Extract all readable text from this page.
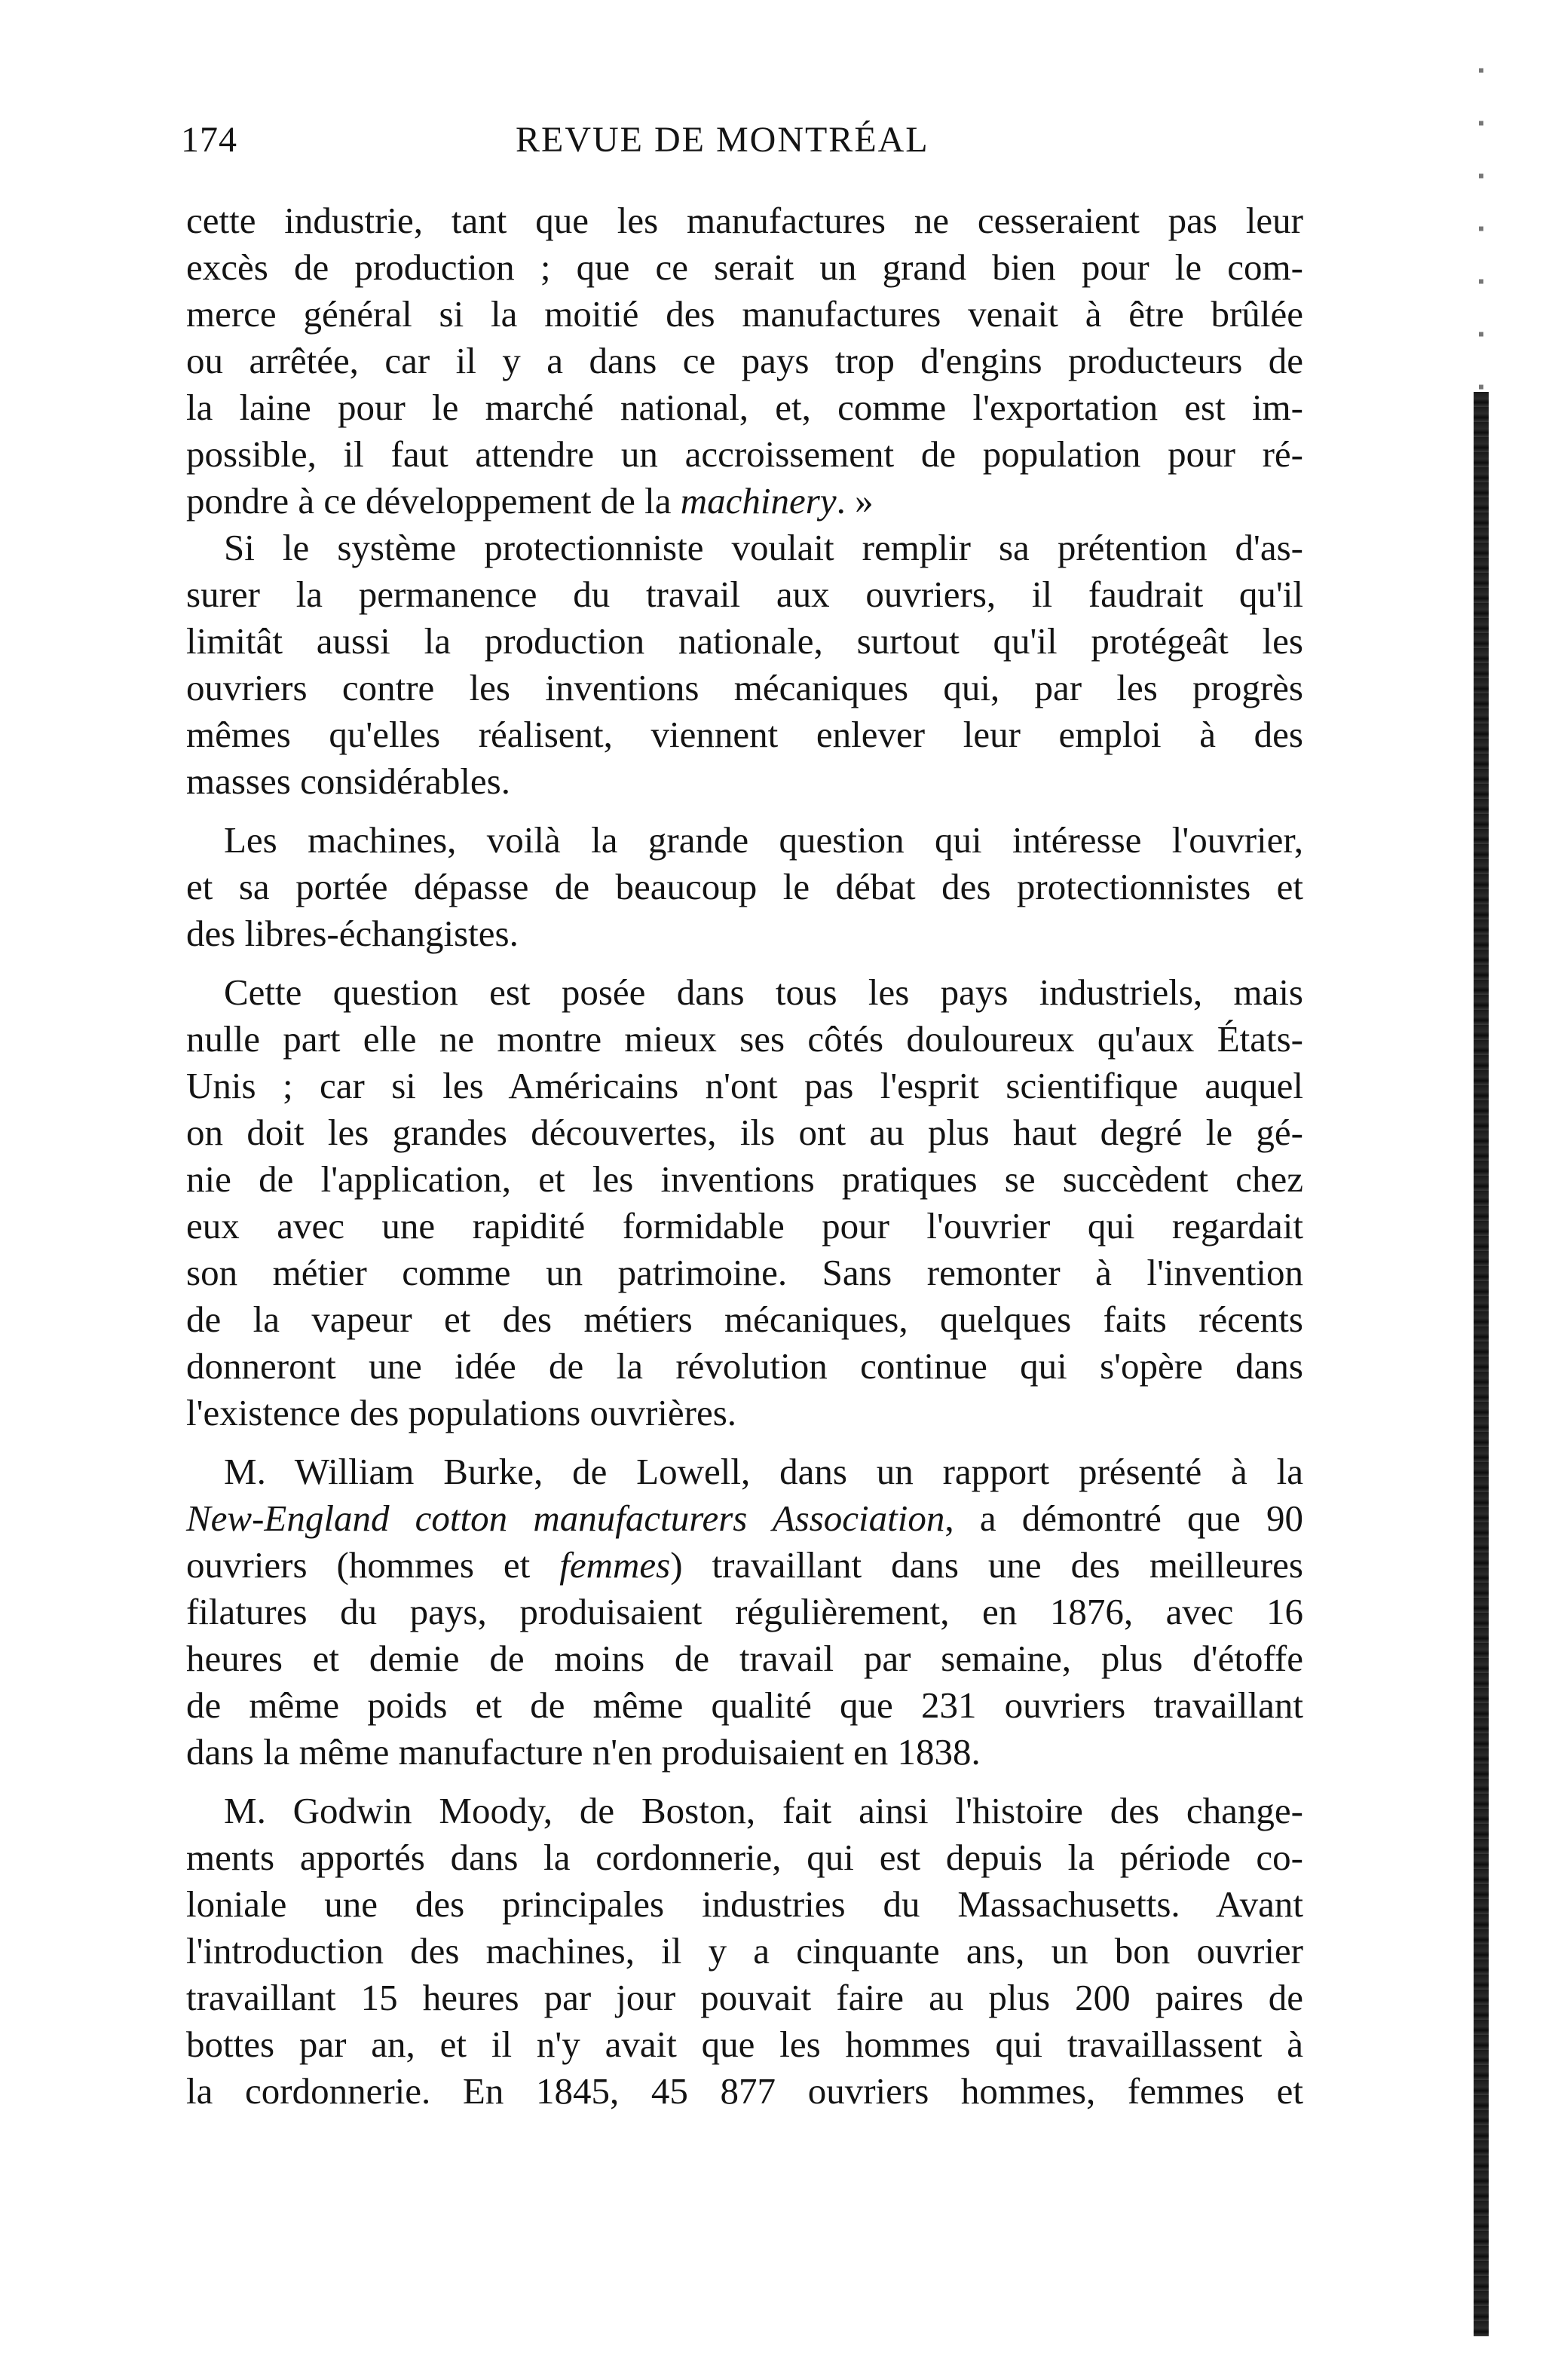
174	REVUE DE MONTRÉAL
cette industrie, tant que les manufactures ne cesseraient pas leur
excès de production ; que ce serait un grand bien pour le com-
merce général si la moitié des manufactures venait à être brûlée
ou arrêtée, car il y a dans ce pays trop d'engins producteurs de
la laine pour le marché national, et, comme l'exportation est im-
possible, il faut attendre un accroissement de population pour ré-
pondre à ce développement de la machinery. »
Si le système protectionniste voulait remplir sa prétention d'as-
surer la permanence du travail aux ouvriers, il faudrait qu'il
limitât aussi la production nationale, surtout qu'il protégeât les
ouvriers contre les inventions mécaniques qui, par les progrès
mêmes qu'elles réalisent, viennent enlever leur emploi à des
masses considérables.
Les machines, voilà la grande question qui intéresse l'ouvrier,
et sa portée dépasse de beaucoup le débat des protectionnistes et
des libres-échangistes.
Cette question est posée dans tous les pays industriels, mais
nulle part elle ne montre mieux ses côtés douloureux qu'aux États-
Unis ; car si les Américains n'ont pas l'esprit scientifique auquel
on doit les grandes découvertes, ils ont au plus haut degré le gé-
nie de l'application, et les inventions pratiques se succèdent chez
eux avec une rapidité formidable pour l'ouvrier qui regardait
son métier comme un patrimoine. Sans remonter à l'invention
de la vapeur et des métiers mécaniques, quelques faits récents
donneront une idée de la révolution continue qui s'opère dans
l'existence des populations ouvrières.
M. William Burke, de Lowell, dans un rapport présenté à la
New-England cotton manufacturers Association, a démontré que 90
ouvriers (hommes et femmes) travaillant dans une des meilleures
filatures du pays, produisaient régulièrement, en 1876, avec 16
heures et demie de moins de travail par semaine, plus d'étoffe
de même poids et de même qualité que 231 ouvriers travaillant
dans la même manufacture n'en produisaient en 1838.
M. Godwin Moody, de Boston, fait ainsi l'histoire des change-
ments apportés dans la cordonnerie, qui est depuis la période co-
loniale une des principales industries du Massachusetts. Avant
l'introduction des machines, il y a cinquante ans, un bon ouvrier
travaillant 15 heures par jour pouvait faire au plus 200 paires de
bottes par an, et il n'y avait que les hommes qui travaillassent à
la cordonnerie. En 1845, 45 877 ouvriers hommes, femmes et
